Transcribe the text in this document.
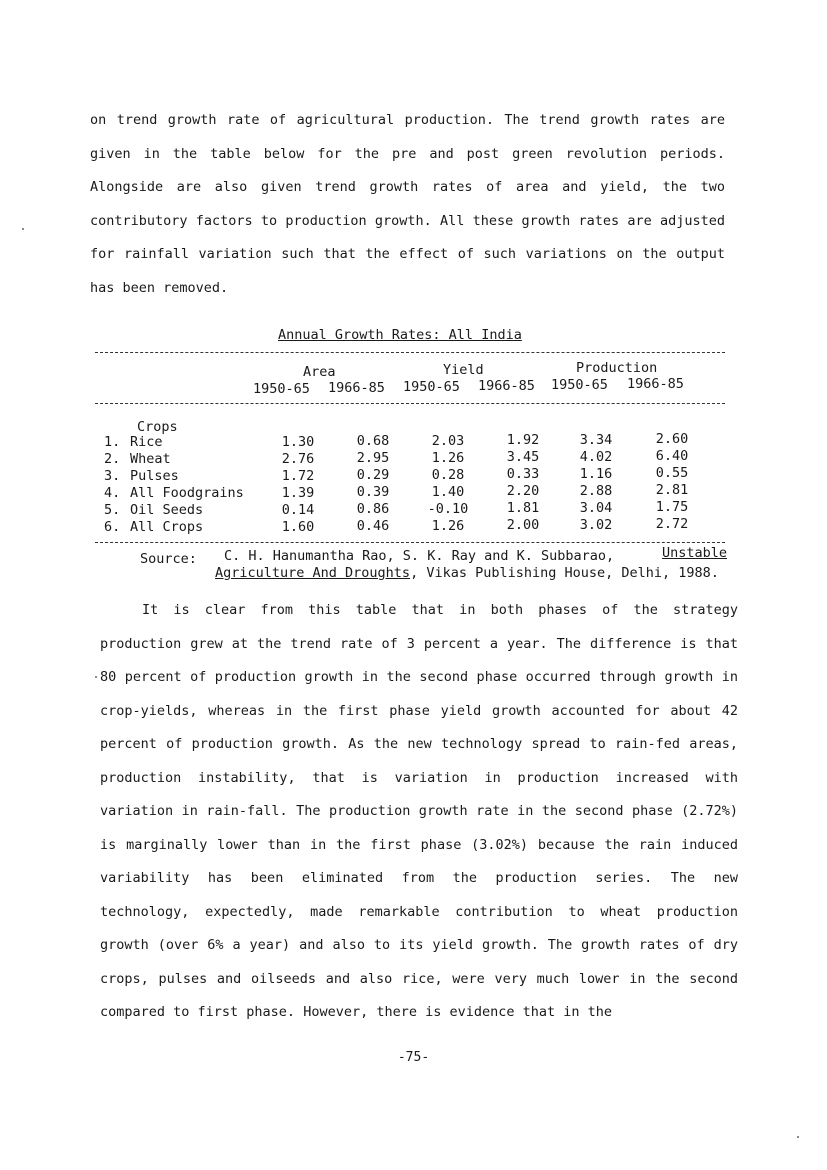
on trend growth rate of agricultural production. The trend growth rates are given in the table below for the pre and post green revolution periods. Alongside are also given trend growth rates of area and yield, the two contributory factors to production growth. All these growth rates are adjusted for rainfall variation such that the effect of such variations on the output has been removed.

Annual Growth Rates: All India
Area	Yield	Production
1950-65 1966-85 1950-65 1966-85 1950-65 1966-85
Crops
1. Rice	1.30	0.68	2.03	1.92	3.34	2.60
2. Wheat	2.76	2.95	1.26	3.45	4.02	6.40
3. Pulses	1.72	0.29	0.28	0.33	1.16	0.55
4. All Foodgrains	1.39	0.39	1.40	2.20	2.88	2.81
5. Oil Seeds	0.14	0.86	-0.10	1.81	3.04	1.75
6. All Crops	1.60	0.46	1.26	2.00	3.02	2.72
Source: C. H. Hanumantha Rao, S. K. Ray and K. Subbarao,	Unstable
Agriculture And Droughts, Vikas Publishing House, Delhi, 1988.

It is clear from this table that in both phases of the strategy production grew at the trend rate of 3 percent a year. The difference is that 80 percent of production growth in the second phase occurred through growth in crop-yields, whereas in the first phase yield growth accounted for about 42 percent of production growth. As the new technology spread to rain-fed areas, production instability, that is variation in production increased with variation in rain-fall. The production growth rate in the second phase (2.72%) is marginally lower than in the first phase (3.02%) because the rain induced variability has been eliminated from the production series. The new technology, expectedly, made remarkable contribution to wheat production growth (over 6% a year) and also to its yield growth. The growth rates of dry crops, pulses and oilseeds and also rice, were very much lower in the second compared to first phase. However, there is evidence that in the

-75-
